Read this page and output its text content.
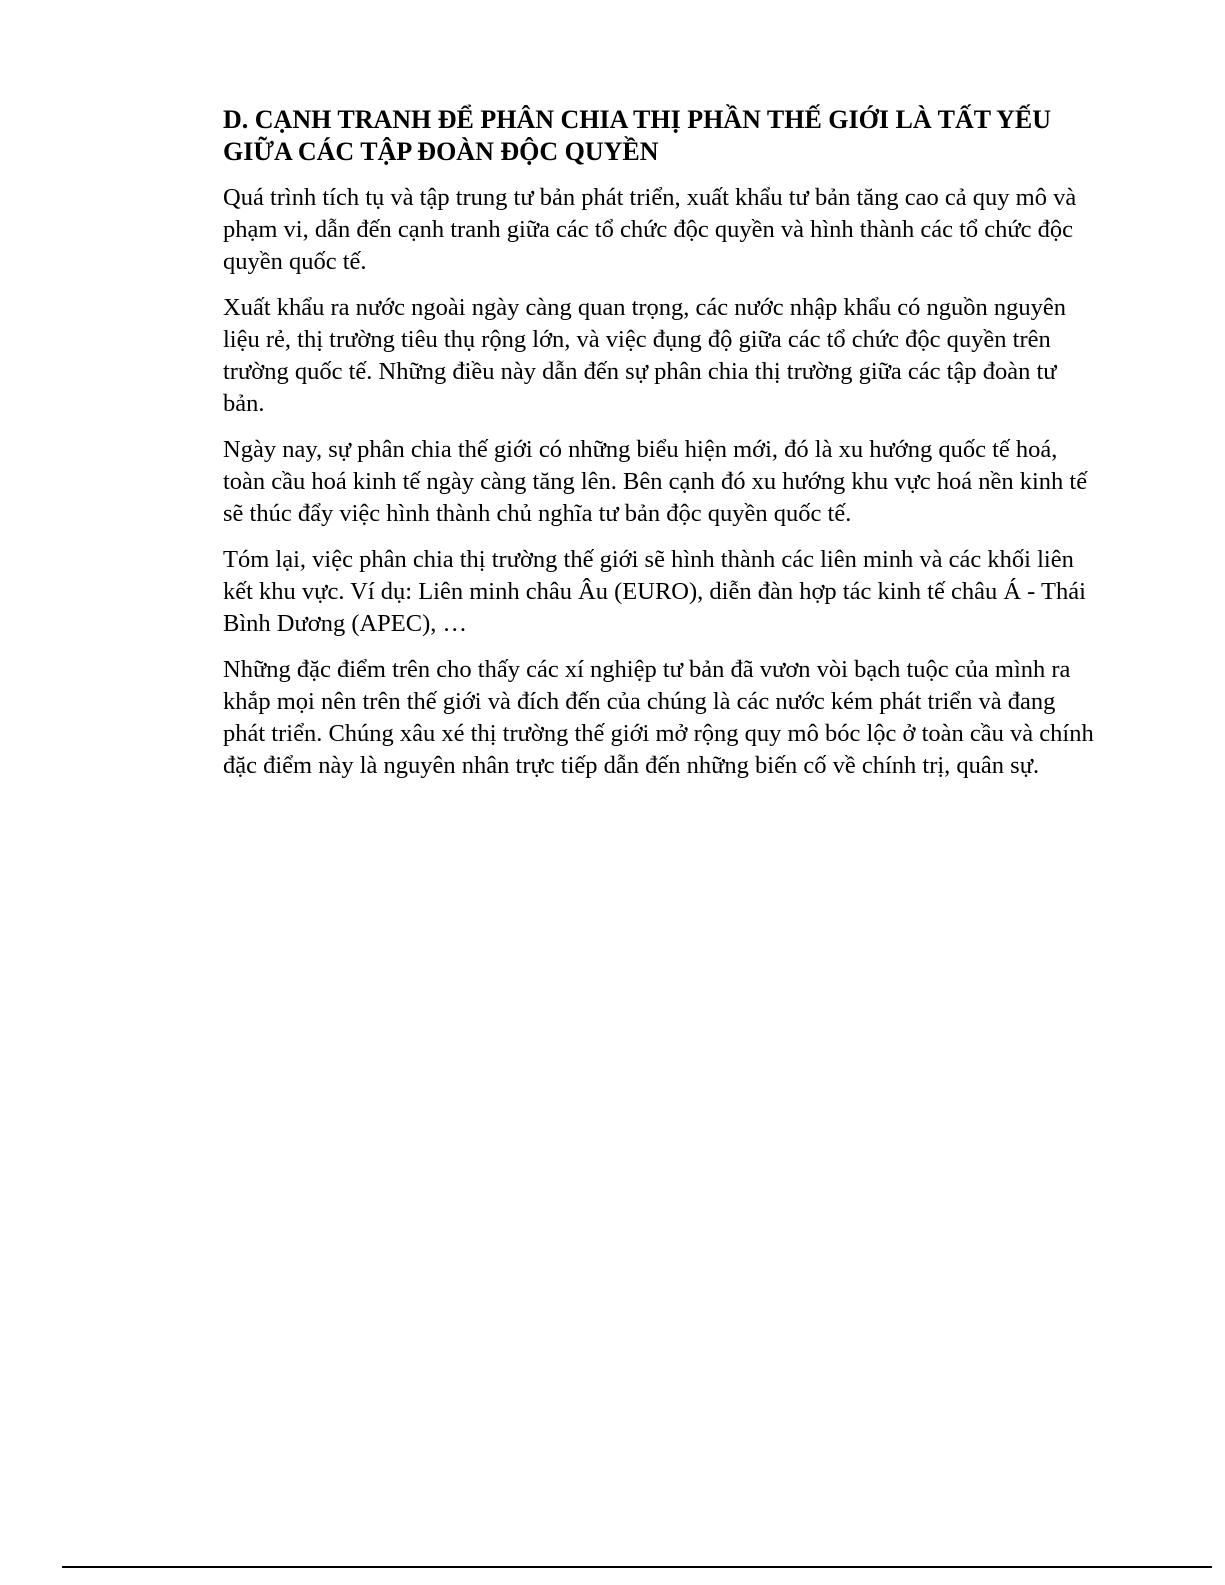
D. CẠNH TRANH ĐỂ PHÂN CHIA THỊ PHẦN THẾ GIỚI LÀ TẤT YẾU GIỮA CÁC TẬP ĐOÀN ĐỘC QUYỀN

Quá trình tích tụ và tập trung tư bản phát triển, xuất khẩu tư bản tăng cao cả quy mô và phạm vi, dẫn đến cạnh tranh giữa các tổ chức độc quyền và hình thành các tổ chức độc quyền quốc tế.

Xuất khẩu ra nước ngoài ngày càng quan trọng, các nước nhập khẩu có nguồn nguyên liệu rẻ, thị trường tiêu thụ rộng lớn, và việc đụng độ giữa các tổ chức độc quyền trên trường quốc tế. Những điều này dẫn đến sự phân chia thị trường giữa các tập đoàn tư bản.

Ngày nay, sự phân chia thế giới có những biểu hiện mới, đó là xu hướng quốc tế hoá, toàn cầu hoá kinh tế ngày càng tăng lên. Bên cạnh đó xu hướng khu vực hoá nền kinh tế sẽ thúc đẩy việc hình thành chủ nghĩa tư bản độc quyền quốc tế.

Tóm lại, việc phân chia thị trường thế giới sẽ hình thành các liên minh và các khối liên kết khu vực. Ví dụ: Liên minh châu Âu (EURO), diễn đàn hợp tác kinh tế châu Á - Thái Bình Dương (APEC), …

Những đặc điểm trên cho thấy các xí nghiệp tư bản đã vươn vòi bạch tuộc của mình ra khắp mọi nên trên thế giới và đích đến của chúng là các nước kém phát triển và đang phát triển. Chúng xâu xé thị trường thế giới mở rộng quy mô bóc lộc ở toàn cầu và chính đặc điểm này là nguyên nhân trực tiếp dẫn đến những biến cố về chính trị, quân sự.
